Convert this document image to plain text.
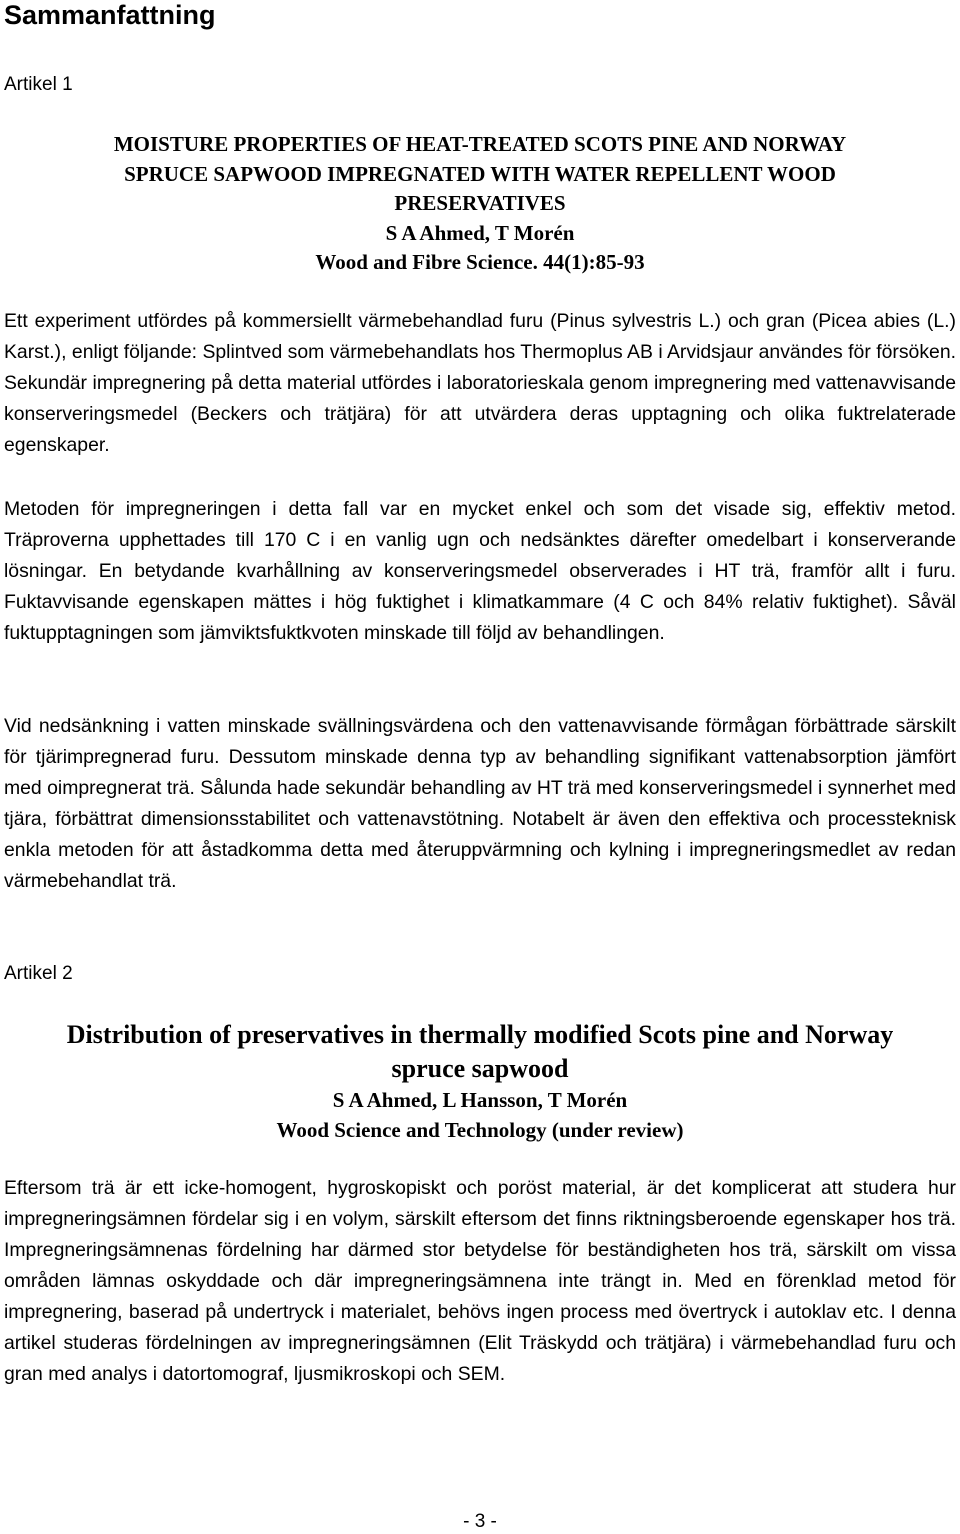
Sammanfattning

Artikel 1

MOISTURE PROPERTIES OF HEAT-TREATED SCOTS PINE AND NORWAY
SPRUCE SAPWOOD IMPREGNATED WITH WATER REPELLENT WOOD
PRESERVATIVES
S A Ahmed, T Morén
Wood and Fibre Science. 44(1):85-93

Ett experiment utfördes på kommersiellt värmebehandlad furu (Pinus sylvestris L.) och gran (Picea abies (L.) Karst.), enligt följande: Splintved som värmebehandlats hos Thermoplus AB i Arvidsjaur användes för försöken. Sekundär impregnering på detta material utfördes i laboratorieskala genom impregnering med vattenavvisande konserveringsmedel (Beckers och trätjära) för att utvärdera deras upptagning och olika fuktrelaterade egenskaper.

Metoden för impregneringen i detta fall var en mycket enkel och som det visade sig, effektiv metod. Träproverna upphettades till 170 C i en vanlig ugn och nedsänktes därefter omedelbart i konserverande lösningar. En betydande kvarhållning av konserveringsmedel observerades i HT trä, framför allt i furu. Fuktavvisande egenskapen mättes i hög fuktighet i klimatkammare (4 C och 84% relativ fuktighet). Såväl fuktupptagningen som jämviktsfuktkvoten minskade till följd av behandlingen.

Vid nedsänkning i vatten minskade svällningsvärdena och den vattenavvisande förmågan förbättrade särskilt för tjärimpregnerad furu. Dessutom minskade denna typ av behandling signifikant vattenabsorption jämfört med oimpregnerat trä. Sålunda hade sekundär behandling av HT trä med konserveringsmedel i synnerhet med tjära, förbättrat dimensionsstabilitet och vattenavstötning. Notabelt är även den effektiva och processteknisk enkla metoden för att åstadkomma detta med återuppvärmning och kylning i impregneringsmedlet av redan värmebehandlat trä.

Artikel 2

Distribution of preservatives in thermally modified Scots pine and Norway
spruce sapwood
S A Ahmed, L Hansson, T Morén
Wood Science and Technology (under review)

Eftersom trä är ett icke-homogent, hygroskopiskt och poröst material, är det komplicerat att studera hur impregneringsämnen fördelar sig i en volym, särskilt eftersom det finns riktningsberoende egenskaper hos trä. Impregneringsämnenas fördelning har därmed stor betydelse för beständigheten hos trä, särskilt om vissa områden lämnas oskyddade och där impregneringsämnena inte trängt in. Med en förenklad metod för impregnering, baserad på undertryck i materialet, behövs ingen process med övertryck i autoklav etc. I denna artikel studeras fördelningen av impregneringsämnen (Elit Träskydd och trätjära) i värmebehandlad furu och gran med analys i datortomograf, ljusmikroskopi och SEM.

- 3 -
